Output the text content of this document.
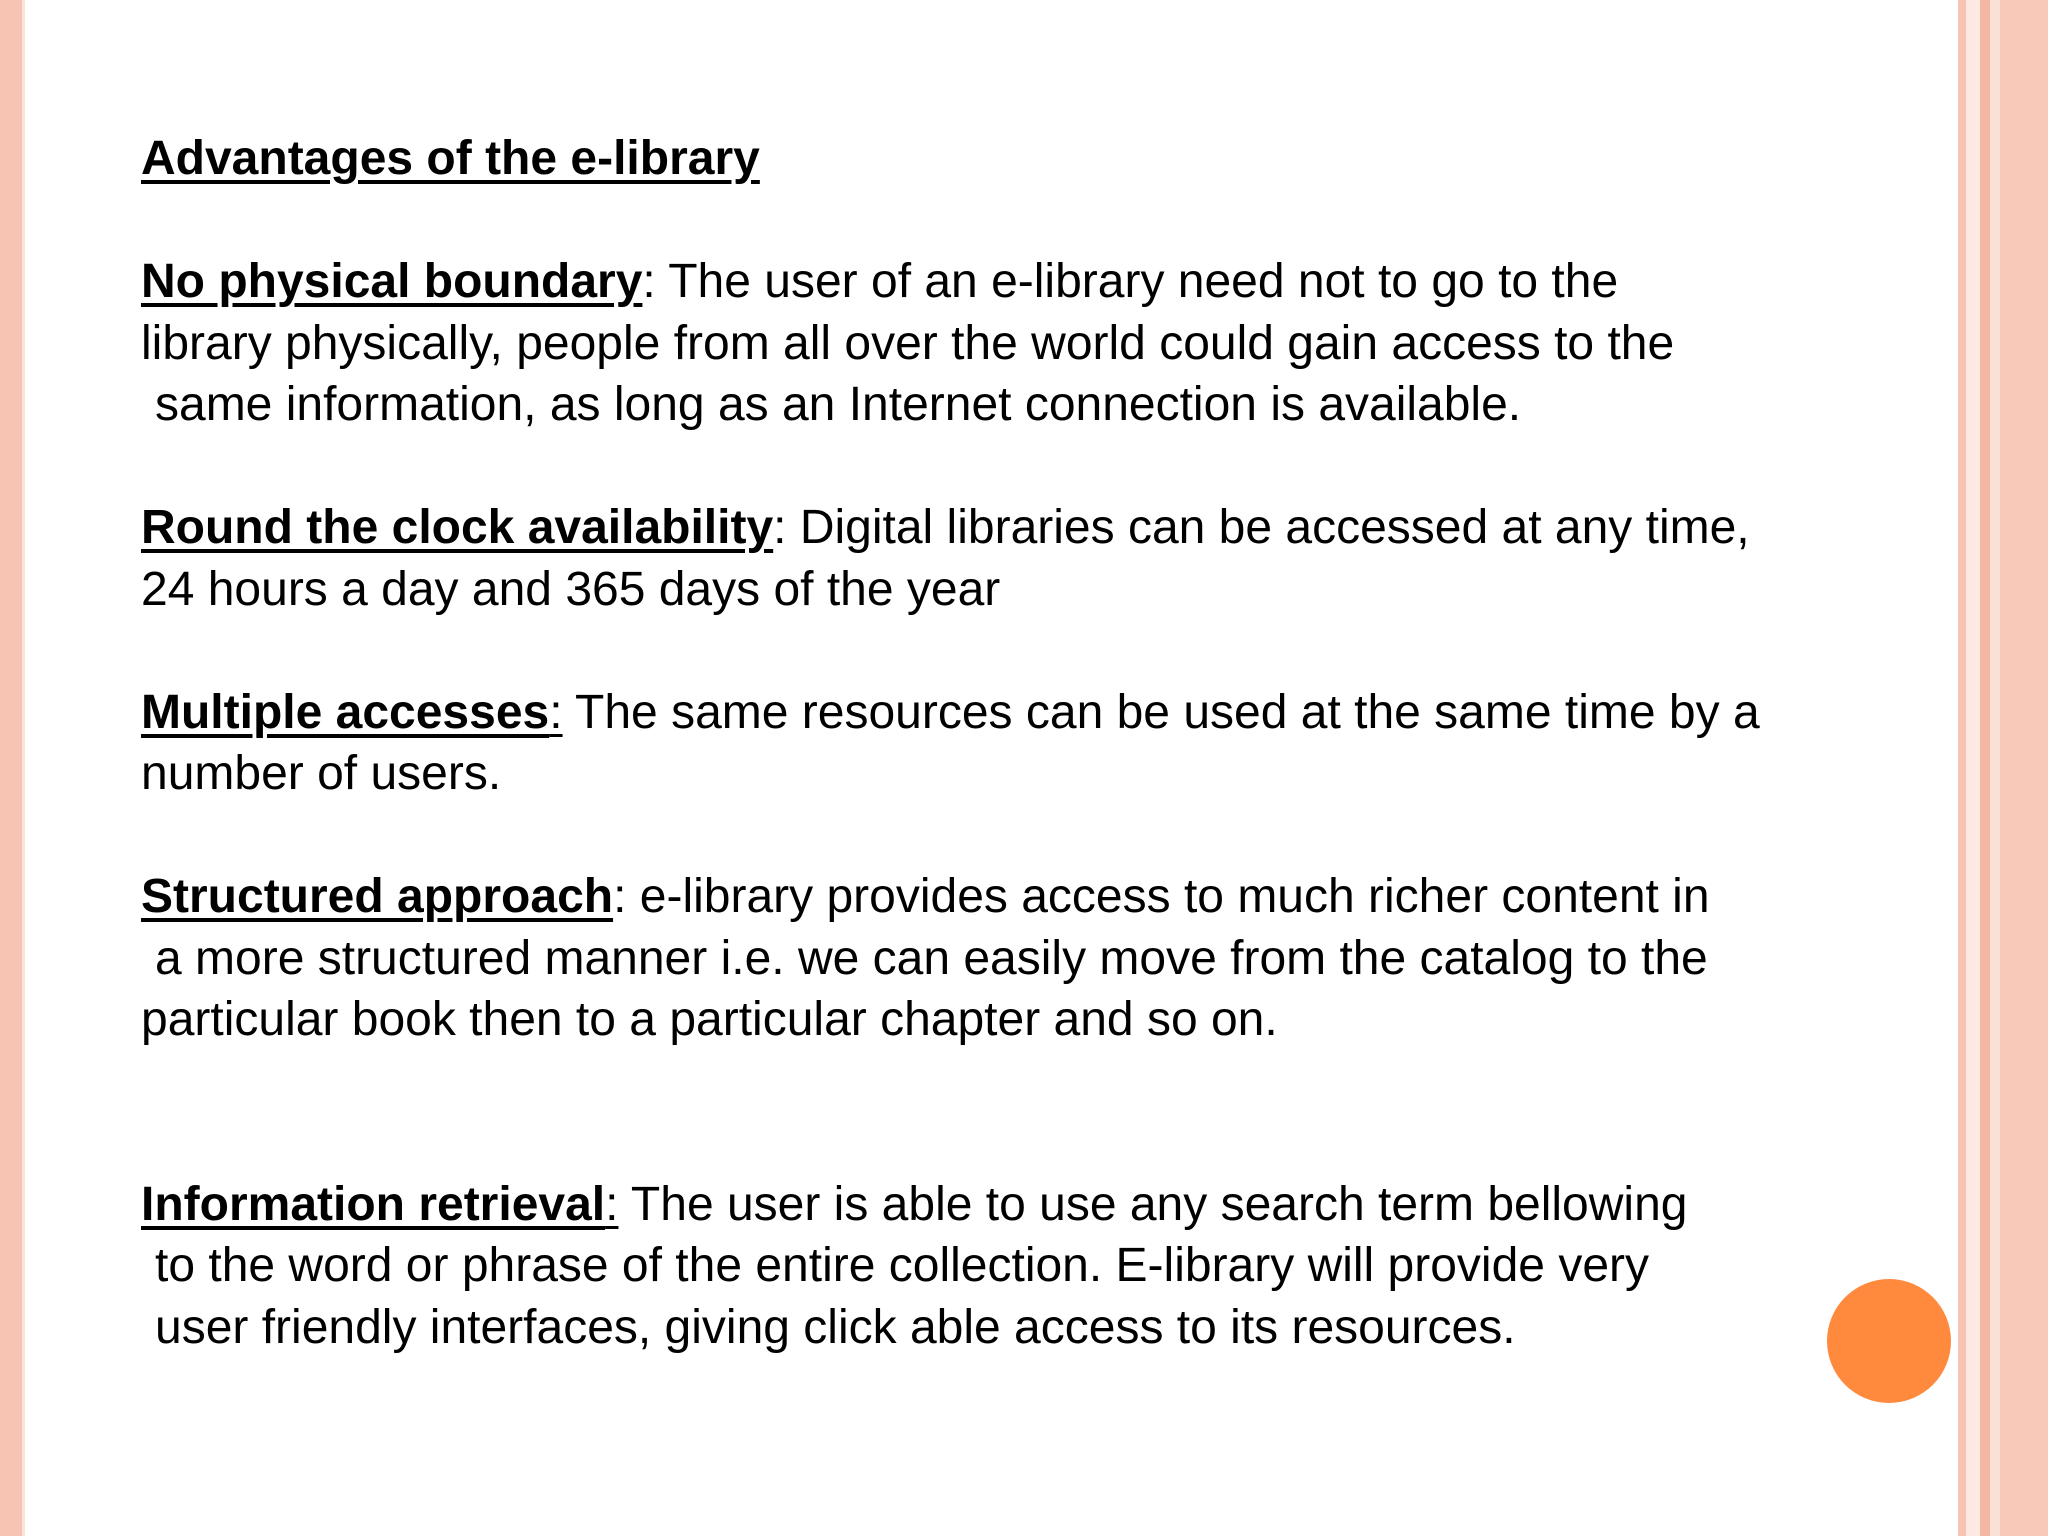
Advantages of the e-library
No physical boundary: The user of an e-library need not to go to the
library physically, people from all over the world could gain access to the
same information, as long as an Internet connection is available.
Round the clock availability: Digital libraries can be accessed at any time,
24 hours a day and 365 days of the year
Multiple accesses: The same resources can be used at the same time by a
number of users.
Structured approach: e-library provides access to much richer content in
a more structured manner i.e. we can easily move from the catalog to the
particular book then to a particular chapter and so on.
Information retrieval: The user is able to use any search term bellowing
to the word or phrase of the entire collection. E-library will provide very
user friendly interfaces, giving click able access to its resources.
